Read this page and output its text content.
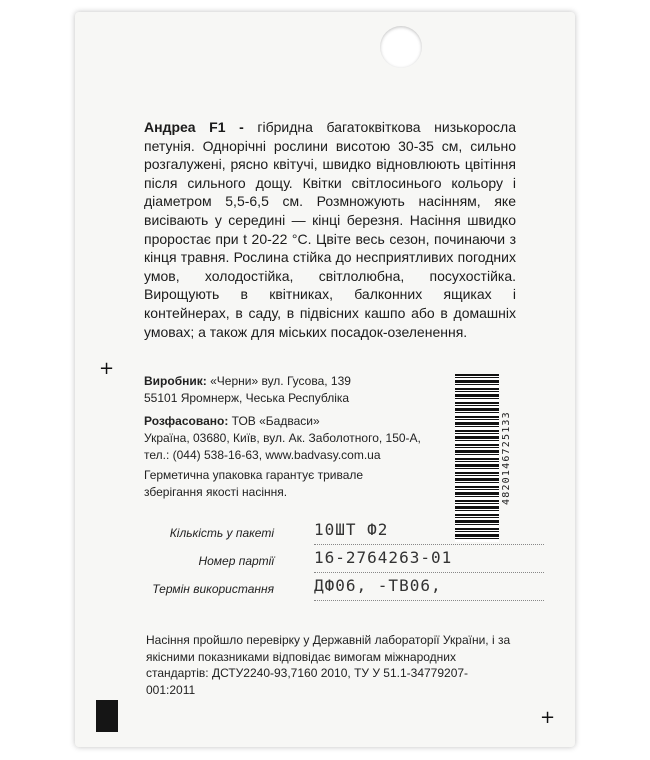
Андреа F1 - гібридна багатоквіткова низькоросла петунія. Однорічні рослини висотою 30-35 см, сильно розгалужені, рясно квітучі, швидко відновлюють цвітіння після сильного дощу. Квітки світлосинього кольору і діаметром 5,5-6,5 см. Розмножують насінням, яке висівають у середині — кінці березня. Насіння швидко проростає при t 20-22 °С. Цвіте весь сезон, починаючи з кінця травня. Рослина стійка до несприятливих погодних умов, холодостійка, світлолюбна, посухостійка. Вирощують в квітниках, балконних ящиках і контейнерах, в саду, в підвісних кашпо або в домашніх умовах; а також для міських посадок-озеленення.
Виробник: «Черни» вул. Гусова, 139
55101 Яромнерж, Чеська Республіка
Розфасовано: ТОВ «Бадваси»
Україна, 03680, Київ, вул. Ак. Заболотного, 150-А,
тел.: (044) 538-16-63, www.badvasy.com.ua
Герметична упаковка гарантує тривале
зберігання якості насіння.	4820146725133
Кількість у пакеті	10ШТ Ф2
Номер партії	16-2764263-01
Термін використання	ДФ06, -ТВ06,
Насіння пройшло перевірку у Державній лабораторії України, і за якісними показниками відповідає вимогам міжнародних стандартів: ДСТУ2240-93,7160 2010, ТУ У 51.1-34779207-001:2011
+
+
